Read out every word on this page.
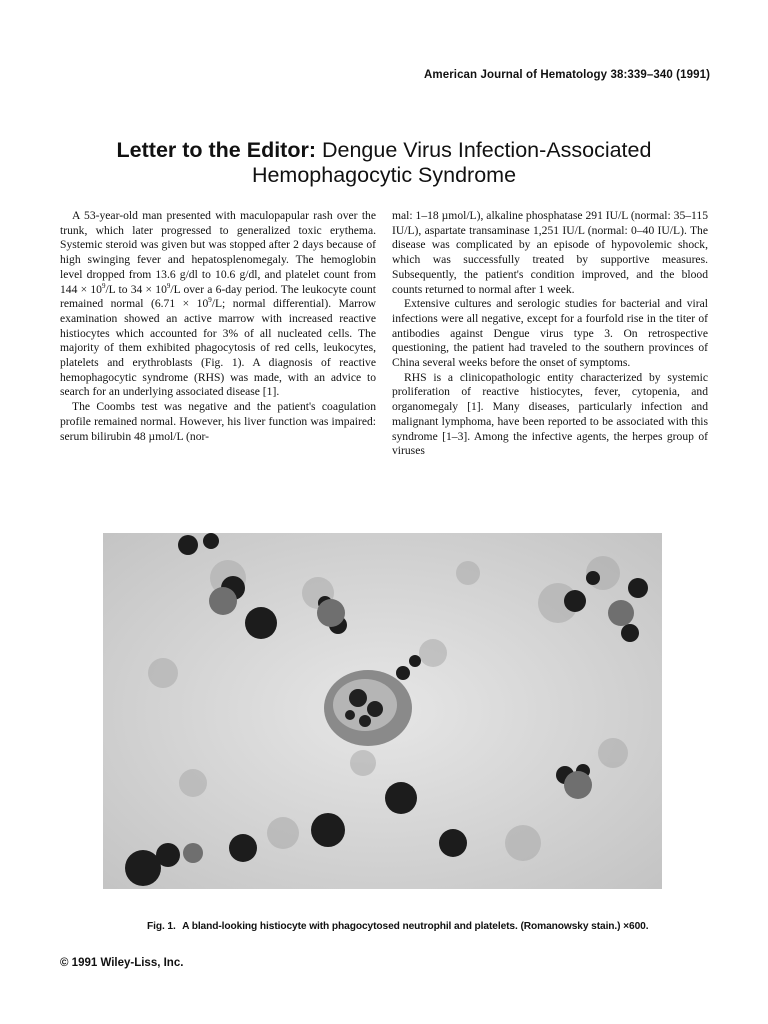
American Journal of Hematology 38:339–340 (1991)
Letter to the Editor: Dengue Virus Infection-Associated Hemophagocytic Syndrome

A 53-year-old man presented with maculopapular rash over the trunk, which later progressed to generalized toxic erythema. Systemic steroid was given but was stopped after 2 days because of high swinging fever and hepatosplenomegaly. The hemoglobin level dropped from 13.6 g/dl to 10.6 g/dl, and platelet count from $144 \times 10^9/L$ to $34 \times 10^9/L$ over a 6-day period. The leukocyte count remained normal ($6.71 \times 10^9/L$; normal differential). Marrow examination showed an active marrow with increased reactive histiocytes which accounted for 3% of all nucleated cells. The majority of them exhibited phagocytosis of red cells, leukocytes, platelets and erythroblasts (Fig. 1). A diagnosis of reactive hemophagocytic syndrome (RHS) was made, with an advice to search for an underlying associated disease [1].

The Coombs test was negative and the patient's coagulation profile remained normal. However, his liver function was impaired: serum bilirubin 48 µmol/L (nor-

mal: 1–18 µmol/L), alkaline phosphatase 291 IU/L (normal: 35–115 IU/L), aspartate transaminase 1,251 IU/L (normal: 0–40 IU/L). The disease was complicated by an episode of hypovolemic shock, which was successfully treated by supportive measures. Subsequently, the patient's condition improved, and the blood counts returned to normal after 1 week.

Extensive cultures and serologic studies for bacterial and viral infections were all negative, except for a fourfold rise in the titer of antibodies against Dengue virus type 3. On retrospective questioning, the patient had traveled to the southern provinces of China several weeks before the onset of symptoms.

RHS is a clinicopathologic entity characterized by systemic proliferation of reactive histiocytes, fever, cytopenia, and organomegaly [1]. Many diseases, particularly infection and malignant lymphoma, have been reported to be associated with this syndrome [1–3]. Among the infective agents, the herpes group of viruses

Fig. 1. A bland-looking histiocyte with phagocytosed neutrophil and platelets. (Romanowsky stain.) ×600.
© 1991 Wiley-Liss, Inc.
